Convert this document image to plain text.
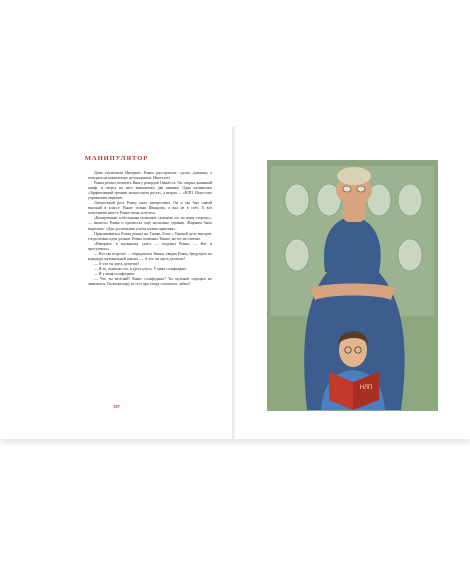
МАНИПУЛЯТОР

Дома отключили Интернет. Ромка расстроился: сделал домашку, а поиграть на компьютере не поиграешь. Иметь нет.

Ромка решил почитать Книгу рекордов Гиннесса. Он открыл книжный шкаф, и сверху на него вывалились две книжки. Одна называлась «Эффективный тренинг личностного роста», а вторая — «НЛП. Искусство управления людьми».

Личностный рост Ромку мало интересовал. Он и так был самый высокий в классе. Выше только Иванцова, а она не в счёт. А вот попутывать кем-то Ромке очень хотелось.

«Копирование собеседника позволяет склонить его на нашу сторону», — вычитал Ромка и прочистал ещё несколько страниц. Жирным было выделено: «Для достижения успеха нужна практика».

Практиковаться Ромка решил на Тишке. Если с Тишкой дело выгорит, тогда можно идти дальше. Ромка позвонил Тишке, но тот не отвечал.

«Наверное, в музыкалку ушёл, — подумал Ромка. — Вот и прогуляюсь».

— Вот так встреча! — обрадовался Тишка, увидев Ромку, бредущего по коридору музыкальной школы. — А что ты здесь делаешь?

— А что ты здесь делаешь?

— Я-то, понятно что, я здесь учусь. У меня сольфеджио.

— И у меня сольфеджио.

— Что ты весёлый? Какое сольфеджио? Ты музыкой отродясь не занимался. Ты вчера пару за тест про опору схлопотал, забыл?

107
НЛП
